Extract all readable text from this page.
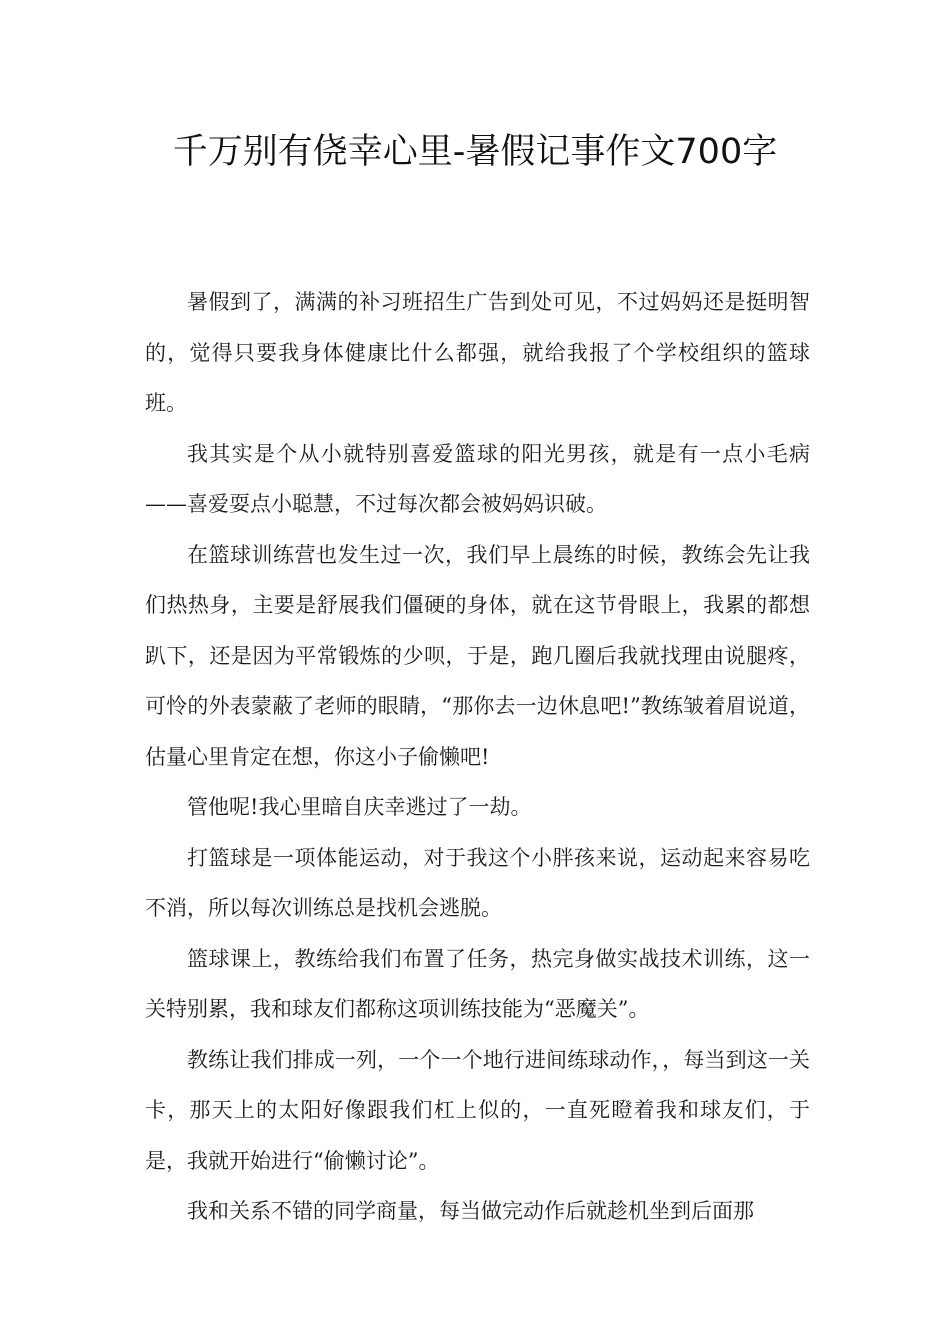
千万别有侥幸心里-暑假记事作文700字

暑假到了，满满的补习班招生广告到处可见，不过妈妈还是挺明智的，觉得只要我身体健康比什么都强，就给我报了个学校组织的篮球班。

我其实是个从小就特别喜爱篮球的阳光男孩，就是有一点小毛病——喜爱耍点小聪慧，不过每次都会被妈妈识破。

在篮球训练营也发生过一次，我们早上晨练的时候，教练会先让我们热热身，主要是舒展我们僵硬的身体，就在这节骨眼上，我累的都想趴下，还是因为平常锻炼的少呗，于是，跑几圈后我就找理由说腿疼，可怜的外表蒙蔽了老师的眼睛，“那你去一边休息吧!”教练皱着眉说道，估量心里肯定在想，你这小子偷懒吧!

管他呢!我心里暗自庆幸逃过了一劫。

打篮球是一项体能运动，对于我这个小胖孩来说，运动起来容易吃不消，所以每次训练总是找机会逃脱。

篮球课上，教练给我们布置了任务，热完身做实战技术训练，这一关特别累，我和球友们都称这项训练技能为“恶魔关”。

教练让我们排成一列，一个一个地行进间练球动作，，每当到这一关卡，那天上的太阳好像跟我们杠上似的，一直死瞪着我和球友们，于是，我就开始进行“偷懒讨论”。

我和关系不错的同学商量，每当做完动作后就趁机坐到后面那
